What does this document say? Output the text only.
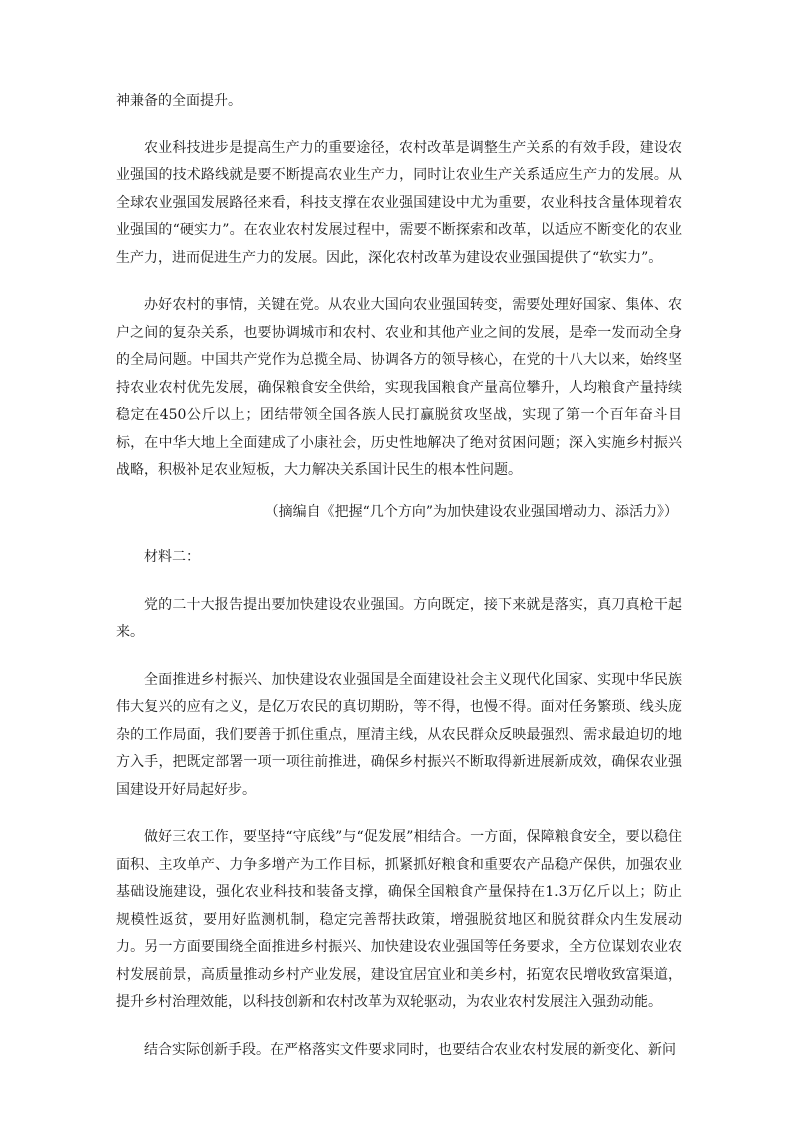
神兼备的全面提升。

农业科技进步是提高生产力的重要途径，农村改革是调整生产关系的有效手段，建设农业强国的技术路线就是要不断提高农业生产力，同时让农业生产关系适应生产力的发展。从全球农业强国发展路径来看，科技支撑在农业强国建设中尤为重要，农业科技含量体现着农业强国的“硬实力”。在农业农村发展过程中，需要不断探索和改革，以适应不断变化的农业生产力，进而促进生产力的发展。因此，深化农村改革为建设农业强国提供了“软实力”。

办好农村的事情，关键在党。从农业大国向农业强国转变，需要处理好国家、集体、农户之间的复杂关系，也要协调城市和农村、农业和其他产业之间的发展，是牵一发而动全身的全局问题。中国共产党作为总揽全局、协调各方的领导核心，在党的十八大以来，始终坚持农业农村优先发展，确保粮食安全供给，实现我国粮食产量高位攀升，人均粮食产量持续稳定在450公斤以上；团结带领全国各族人民打赢脱贫攻坚战，实现了第一个百年奋斗目标，在中华大地上全面建成了小康社会，历史性地解决了绝对贫困问题；深入实施乡村振兴战略，积极补足农业短板，大力解决关系国计民生的根本性问题。

（摘编自《把握“几个方向”为加快建设农业强国增动力、添活力》）

材料二：

党的二十大报告提出要加快建设农业强国。方向既定，接下来就是落实，真刀真枪干起来。

全面推进乡村振兴、加快建设农业强国是全面建设社会主义现代化国家、实现中华民族伟大复兴的应有之义，是亿万农民的真切期盼，等不得，也慢不得。面对任务繁琐、线头庞杂的工作局面，我们要善于抓住重点，厘清主线，从农民群众反映最强烈、需求最迫切的地方入手，把既定部署一项一项往前推进，确保乡村振兴不断取得新进展新成效，确保农业强国建设开好局起好步。

做好三农工作，要坚持“守底线”与“促发展”相结合。一方面，保障粮食安全，要以稳住面积、主攻单产、力争多增产为工作目标，抓紧抓好粮食和重要农产品稳产保供，加强农业基础设施建设，强化农业科技和装备支撑，确保全国粮食产量保持在1.3万亿斤以上；防止规模性返贫，要用好监测机制，稳定完善帮扶政策，增强脱贫地区和脱贫群众内生发展动力。另一方面要围绕全面推进乡村振兴、加快建设农业强国等任务要求，全方位谋划农业农村发展前景，高质量推动乡村产业发展，建设宜居宜业和美乡村，拓宽农民增收致富渠道，提升乡村治理效能，以科技创新和农村改革为双轮驱动，为农业农村发展注入强劲动能。

结合实际创新手段。在严格落实文件要求同时，也要结合农业农村发展的新变化、新问
